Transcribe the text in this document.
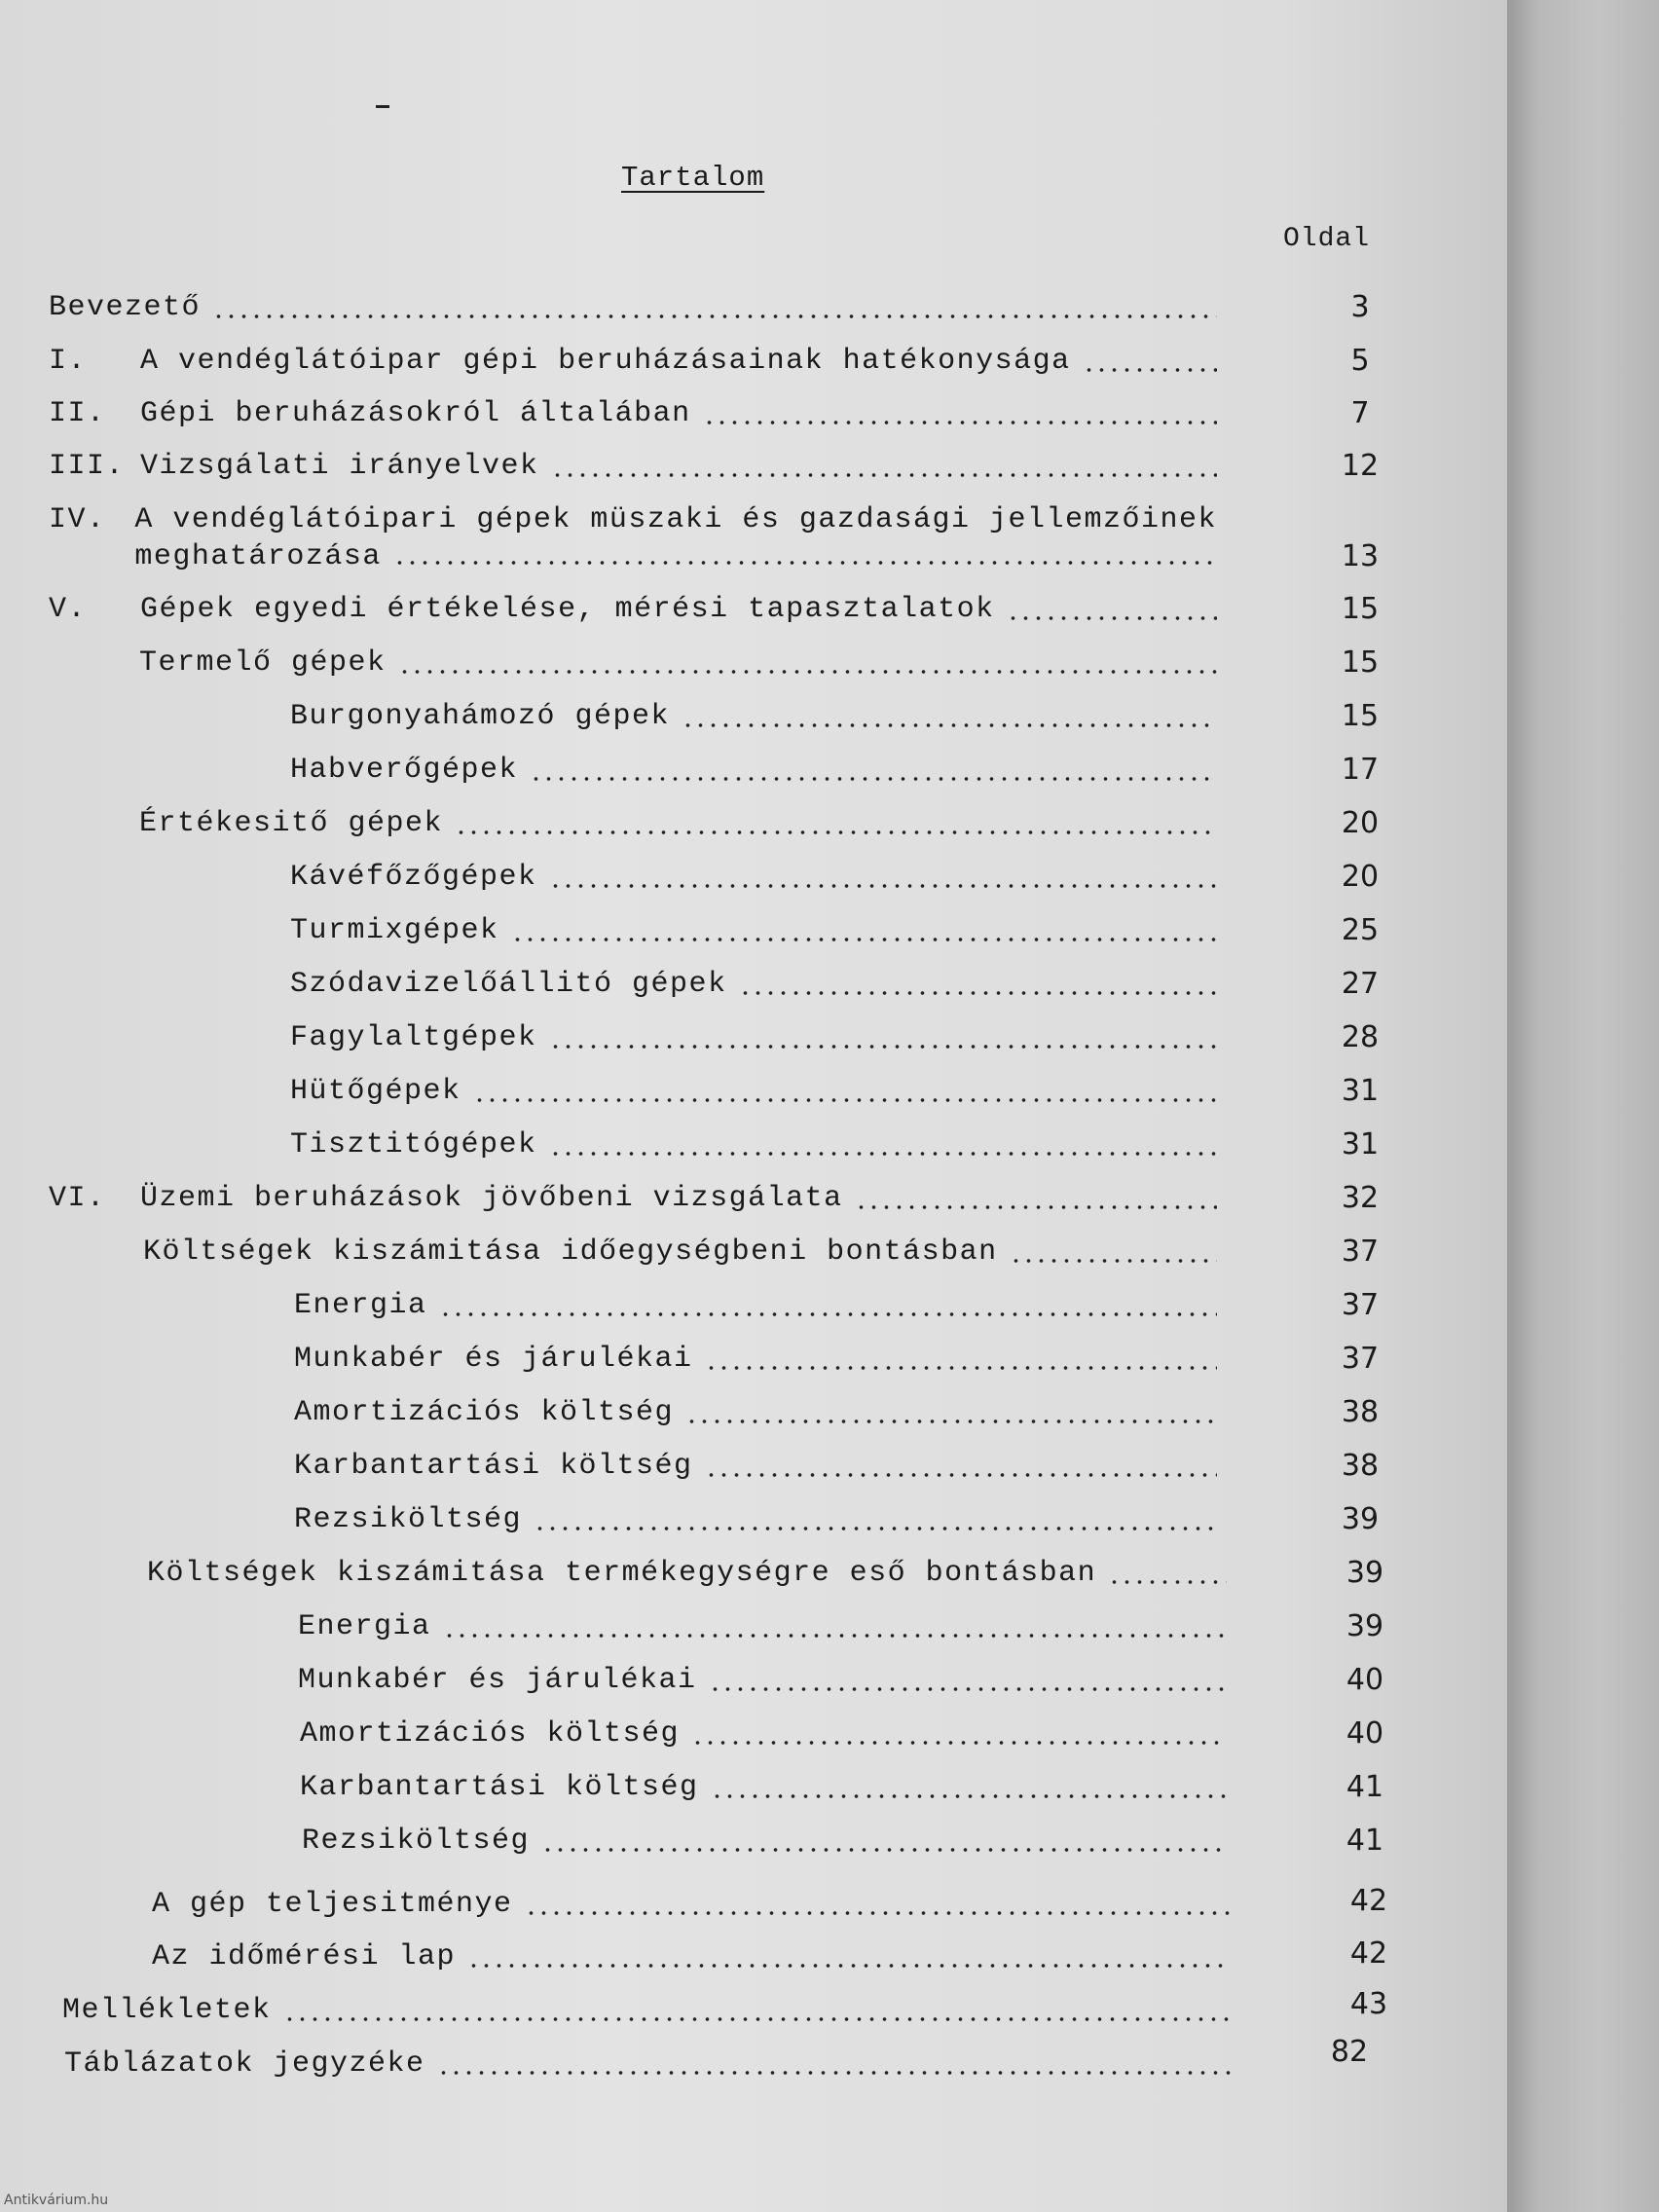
Tartalom
Oldal
Bevezető	3
I.	A vendéglátóipar gépi beruházásainak hatékonysága	5
II.	Gépi beruházásokról általában	7
III. Vizsgálati irányelvek	12
IV. A vendéglátóipari gépek müszaki és gazdasági jellemzőinek
meghatározása	13
V.	Gépek egyedi értékelése, mérési tapasztalatok	15
Termelő gépek	15
Burgonyahámozó gépek	15
Habverőgépek	17
Értékesitő gépek	20
Kávéfőzőgépek	20
Turmixgépek	25
Szódavizelőállitó gépek	27
Fagylaltgépek	28
Hütőgépek	31
Tisztitógépek	31
VI.	Üzemi beruházások jövőbeni vizsgálata	32
Költségek kiszámitása időegységbeni bontásban	37
Energia	37
Munkabér és járulékai	37
Amortizációs költség	38
Karbantartási költség	38
Rezsiköltség	39
Költségek kiszámitása termékegységre eső bontásban	39
Energia	39
Munkabér és járulékai	40
Amortizációs költség	40
Karbantartási költség	41
Rezsiköltség	41
A gép teljesitménye	42
Az időmérési lap	42
Mellékletek	43
Táblázatok jegyzéke	82
Antikvárium.hu
